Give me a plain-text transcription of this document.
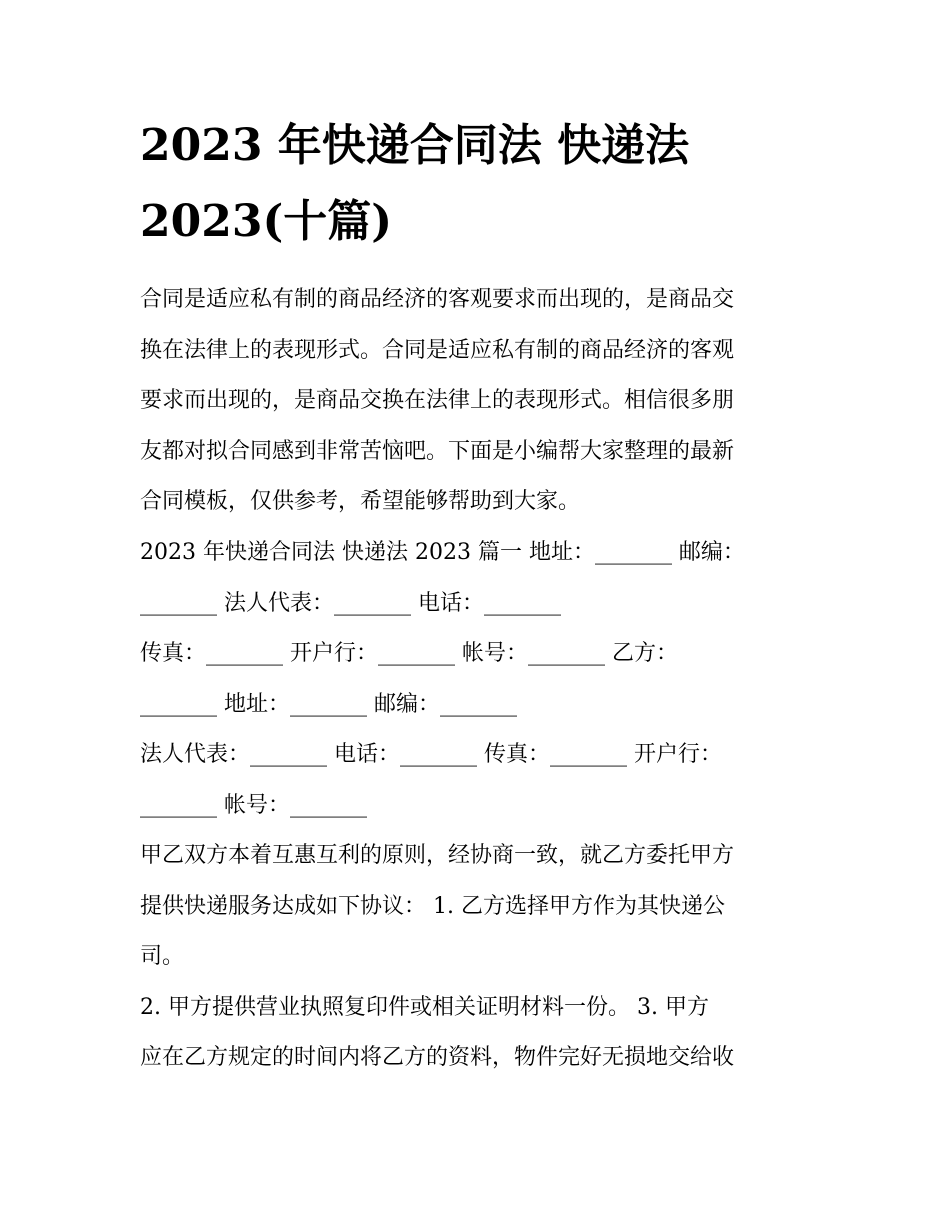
2023 年快递合同法 快递法
2023(十篇)
合同是适应私有制的商品经济的客观要求而出现的，是商品交
换在法律上的表现形式。合同是适应私有制的商品经济的客观
要求而出现的，是商品交换在法律上的表现形式。相信很多朋
友都对拟合同感到非常苦恼吧。下面是小编帮大家整理的最新
合同模板，仅供参考，希望能够帮助到大家。
2023 年快递合同法 快递法 2023 篇一 地址：_______ 邮编：
_______ 法人代表：_______ 电话：_______
传真：_______ 开户行：_______ 帐号：_______ 乙方：
_______ 地址：_______ 邮编：_______
法人代表：_______ 电话：_______ 传真：_______ 开户行：
_______ 帐号：_______
甲乙双方本着互惠互利的原则，经协商一致，就乙方委托甲方
提供快递服务达成如下协议： 1. 乙方选择甲方作为其快递公
司。
2. 甲方提供营业执照复印件或相关证明材料一份。 3. 甲方
应在乙方规定的时间内将乙方的资料，物件完好无损地交给收
